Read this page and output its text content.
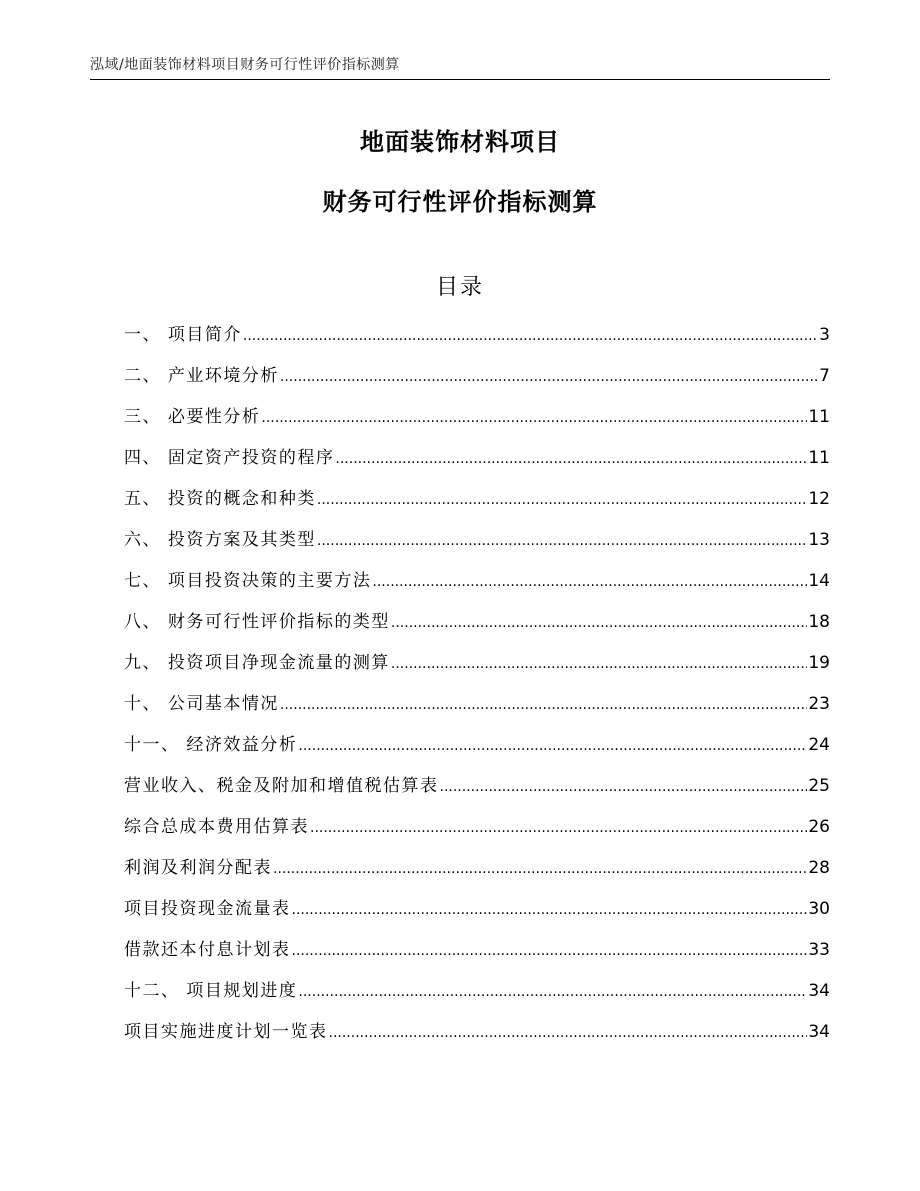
泓域/地面装饰材料项目财务可行性评价指标测算
地面装饰材料项目
财务可行性评价指标测算
目录
一、 项目简介 .....	3
二、 产业环境分析 .....	7
三、 必要性分析 .....	11
四、 固定资产投资的程序 .....	11
五、 投资的概念和种类 .....	12
六、 投资方案及其类型 .....	13
七、 项目投资决策的主要方法 .....	14
八、 财务可行性评价指标的类型 .....	18
九、 投资项目净现金流量的测算 .....	19
十、 公司基本情况 .....	23
十一、 经济效益分析 .....	24
营业收入、税金及附加和增值税估算表 .....	25
综合总成本费用估算表 .....	26
利润及利润分配表 .....	28
项目投资现金流量表 .....	30
借款还本付息计划表 .....	33
十二、 项目规划进度 .....	34
项目实施进度计划一览表 .....	34
